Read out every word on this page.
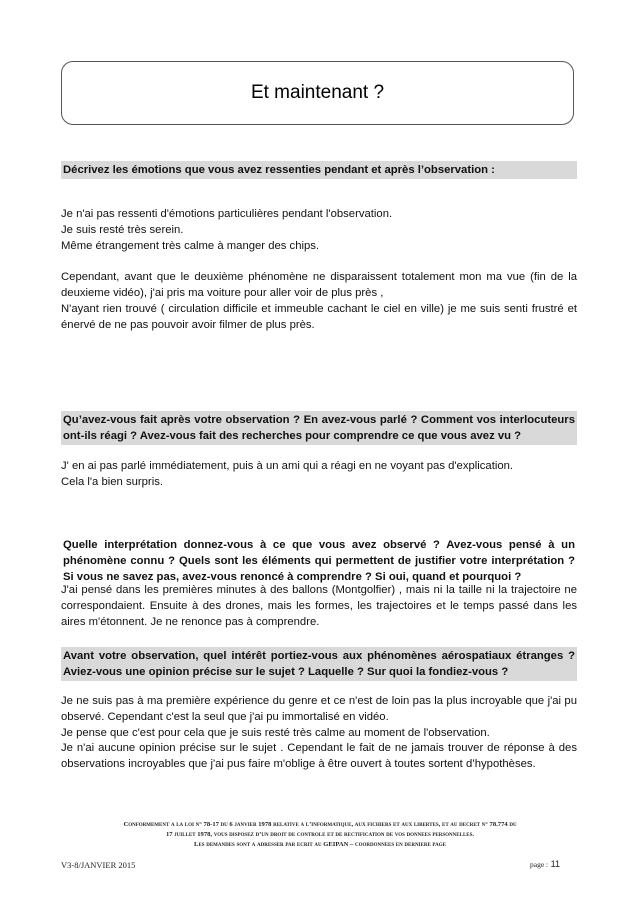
Et maintenant ?
Décrivez les émotions que vous avez ressenties pendant et après l’observation :

Je n'ai pas ressenti d'émotions particulières pendant l'observation.

Je suis resté très serein.

Même étrangement très calme à manger des chips.

Cependant, avant que le deuxième phénomène ne disparaissent totalement mon ma vue (fin de la deuxieme vidéo), j'ai pris ma voiture pour aller voir de plus près ,

N'ayant rien trouvé ( circulation difficile et immeuble cachant le ciel en ville) je me suis senti frustré et énervé de ne pas pouvoir avoir filmer de plus près.

Qu’avez-vous fait après votre observation ? En avez-vous parlé ? Comment vos interlocuteurs ont-ils réagi ? Avez-vous fait des recherches pour comprendre ce que vous avez vu ?

J' en ai pas parlé immédiatement, puis à un ami qui a réagi en ne voyant pas d'explication.

Cela l'a bien surpris.

Quelle interprétation donnez-vous à ce que vous avez observé ? Avez-vous pensé à un phénomène connu ? Quels sont les éléments qui permettent de justifier votre interprétation ? Si vous ne savez pas, avez-vous renoncé à comprendre ? Si oui, quand et pourquoi ?

J'ai pensé dans les premières minutes à des ballons (Montgolfier) , mais ni la taille ni la trajectoire ne correspondaient. Ensuite à des drones, mais les formes, les trajectoires et le temps passé dans les aires m'étonnent. Je ne renonce pas à comprendre.

Avant votre observation, quel intérêt portiez-vous aux phénomènes aérospatiaux étranges ? Aviez-vous une opinion précise sur le sujet ? Laquelle ? Sur quoi la fondiez-vous ?

Je ne suis pas à ma première expérience du genre et ce n'est de loin pas la plus incroyable que j'ai pu observé. Cependant c'est la seul que j'ai pu immortalisé en vidéo.

Je pense que c'est pour cela que je suis resté très calme au moment de l'observation.

Je n'ai aucune opinion précise sur le sujet . Cependant le fait de ne jamais trouver de réponse à des observations incroyables que j'ai pus faire m'oblige à être ouvert à toutes sortent d’hypothèses.

Conformement a la loi n° 78-17 du 6 janvier 1978 relative a l’informatique, aux fichiers et aux libertes, et au decret n° 78.774 du
17 juillet 1978, vous disposez d’un droit de controle et de rectification de vos donnees personnelles.
Les demandes sont a adresser par ecrit au GEIPAN – coordonnees en derniere page
V3-8/JANVIER 2015	page : 11
